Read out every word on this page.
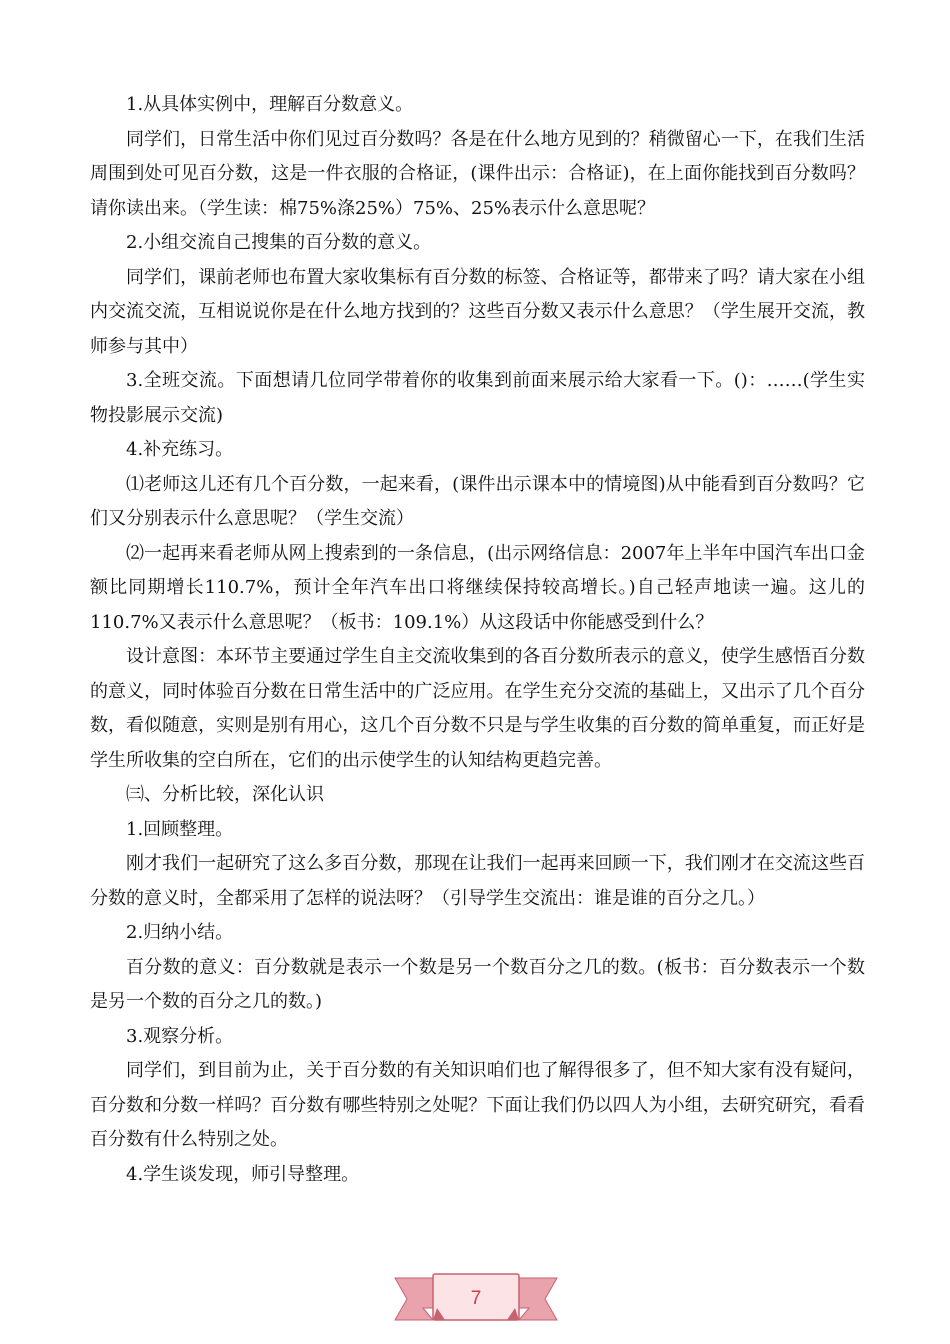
1.从具体实例中，理解百分数意义。

同学们，日常生活中你们见过百分数吗？各是在什么地方见到的？稍微留心一下，在我们生活周围到处可见百分数，这是一件衣服的合格证，(课件出示：合格证)，在上面你能找到百分数吗？请你读出来。（学生读：棉75%涤25%）75%、25%表示什么意思呢？

2.小组交流自己搜集的百分数的意义。

同学们，课前老师也布置大家收集标有百分数的标签、合格证等，都带来了吗？请大家在小组内交流交流，互相说说你是在什么地方找到的？这些百分数又表示什么意思？（学生展开交流，教师参与其中）

3.全班交流。下面想请几位同学带着你的收集到前面来展示给大家看一下。()：……(学生实物投影展示交流)

4.补充练习。

⑴老师这儿还有几个百分数，一起来看，(课件出示课本中的情境图)从中能看到百分数吗？它们又分别表示什么意思呢？（学生交流）

⑵一起再来看老师从网上搜索到的一条信息，(出示网络信息：2007年上半年中国汽车出口金额比同期增长110.7%，预计全年汽车出口将继续保持较高增长。)自己轻声地读一遍。这儿的110.7%又表示什么意思呢？（板书：109.1%）从这段话中你能感受到什么？

设计意图：本环节主要通过学生自主交流收集到的各百分数所表示的意义，使学生感悟百分数的意义，同时体验百分数在日常生活中的广泛应用。在学生充分交流的基础上，又出示了几个百分数，看似随意，实则是别有用心，这几个百分数不只是与学生收集的百分数的简单重复，而正好是学生所收集的空白所在，它们的出示使学生的认知结构更趋完善。

㈢、分析比较，深化认识

1.回顾整理。

刚才我们一起研究了这么多百分数，那现在让我们一起再来回顾一下，我们刚才在交流这些百分数的意义时，全都采用了怎样的说法呀？（引导学生交流出：谁是谁的百分之几。）

2.归纳小结。

百分数的意义：百分数就是表示一个数是另一个数百分之几的数。(板书：百分数表示一个数是另一个数的百分之几的数。)

3.观察分析。

同学们，到目前为止，关于百分数的有关知识咱们也了解得很多了，但不知大家有没有疑问，百分数和分数一样吗？百分数有哪些特别之处呢？下面让我们仍以四人为小组，去研究研究，看看百分数有什么特别之处。

4.学生谈发现，师引导整理。

7
